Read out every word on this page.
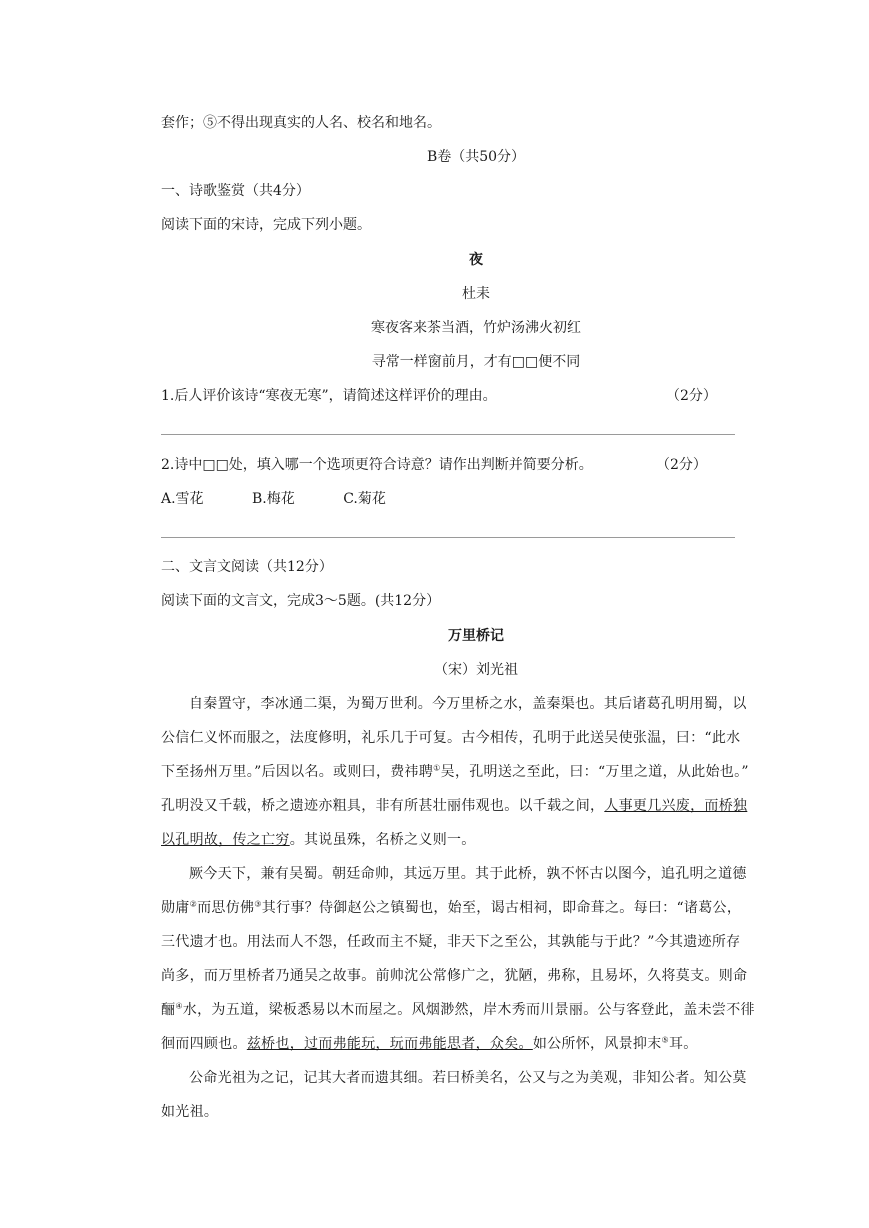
套作；⑤不得出现真实的人名、校名和地名。
B卷（共50分）
一、诗歌鉴赏（共4分）
阅读下面的宋诗，完成下列小题。
夜
杜耒
寒夜客来茶当酒，竹炉汤沸火初红
寻常一样窗前月，才有□□便不同
1.后人评价该诗“寒夜无寒”，请简述这样评价的理由。	（2分）
2.诗中□□处，填入哪一个选项更符合诗意？请作出判断并简要分析。	（2分）
A.雪花	B.梅花	C.菊花
二、文言文阅读（共12分）
阅读下面的文言文，完成3～5题。(共12分）
万里桥记
（宋）刘光祖
自秦置守，李冰通二渠，为蜀万世利。今万里桥之水，盖秦渠也。其后诸葛孔明用蜀，以
公信仁义怀而服之，法度修明，礼乐几于可复。古今相传，孔明于此送吴使张温，曰：“此水
下至扬州万里。”后因以名。或则曰，费祎聘①吴，孔明送之至此，曰：“万里之道，从此始也。”
孔明没又千载，桥之遗迹亦粗具，非有所甚壮丽伟观也。以千载之间，人事更几兴废，而桥独
以孔明故，传之亡穷。其说虽殊，名桥之义则一。
厥今天下，兼有吴蜀。朝廷命帅，其远万里。其于此桥，孰不怀古以图今，追孔明之道德
勋庸②而思仿佛③其行事？侍御赵公之镇蜀也，始至，谒古相祠，即命葺之。每曰：“诸葛公，
三代遗才也。用法而人不怨，任政而主不疑，非天下之至公，其孰能与于此？”今其遗迹所存
尚多，而万里桥者乃通吴之故事。前帅沈公常修广之，犹陋，弗称，且易坏，久将莫支。则命
酾④水，为五道，梁板悉易以木而屋之。风烟渺然，岸木秀而川景丽。公与客登此，盖未尝不徘
徊而四顾也。兹桥也，过而弗能玩，玩而弗能思者，众矣。如公所怀，风景抑末⑤耳。
公命光祖为之记，记其大者而遗其细。若曰桥美名，公又与之为美观，非知公者。知公莫
如光祖。
